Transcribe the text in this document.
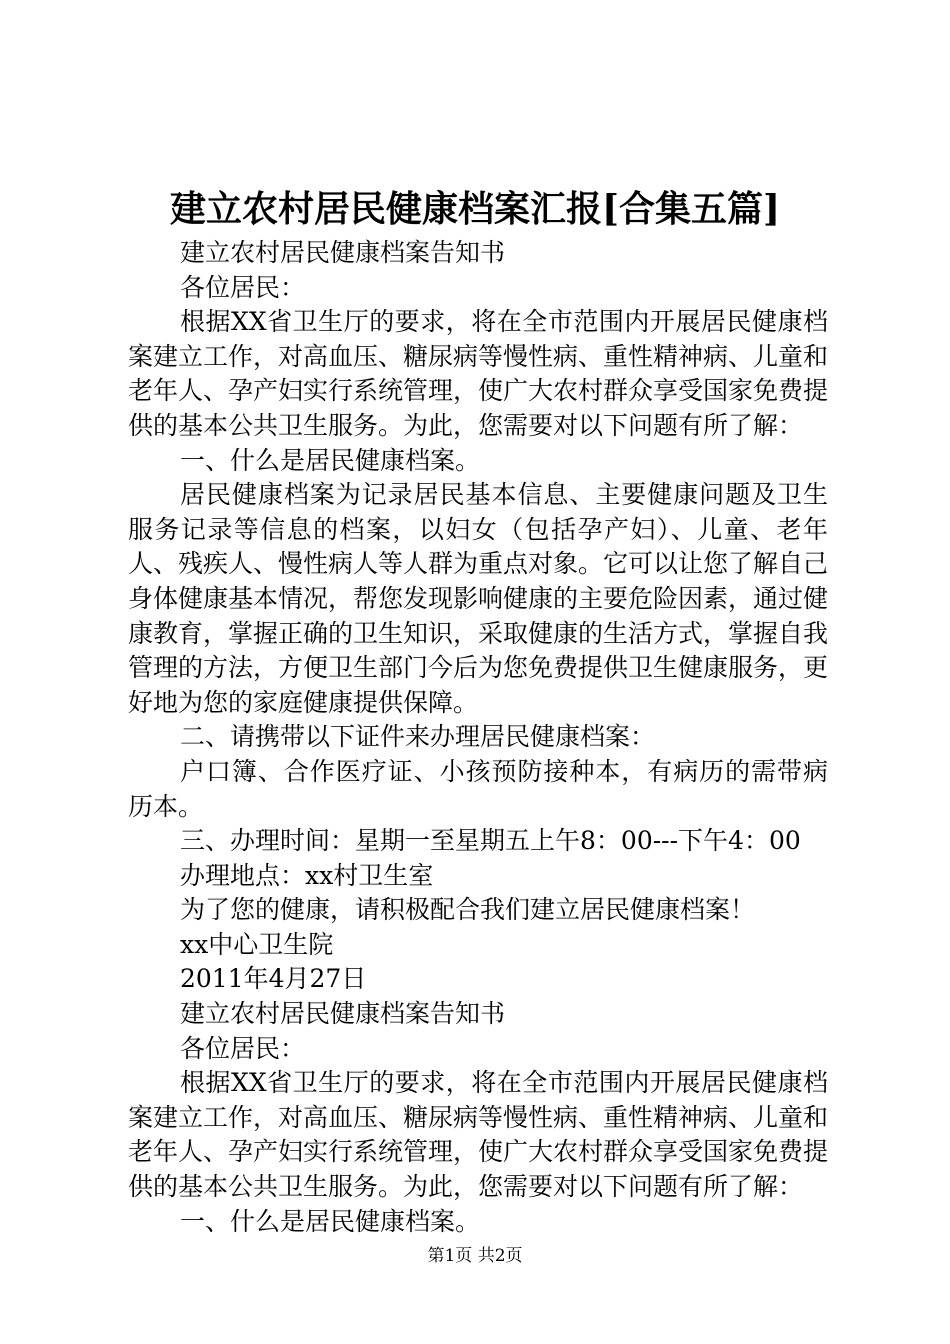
建立农村居民健康档案汇报[合集五篇]

建立农村居民健康档案告知书

各位居民：

根据XX省卫生厅的要求，将在全市范围内开展居民健康档案建立工作，对高血压、糖尿病等慢性病、重性精神病、儿童和老年人、孕产妇实行系统管理，使广大农村群众享受国家免费提供的基本公共卫生服务。为此，您需要对以下问题有所了解：

一、什么是居民健康档案。

居民健康档案为记录居民基本信息、主要健康问题及卫生服务记录等信息的档案，以妇女（包括孕产妇）、儿童、老年人、残疾人、慢性病人等人群为重点对象。它可以让您了解自己身体健康基本情况，帮您发现影响健康的主要危险因素，通过健康教育，掌握正确的卫生知识，采取健康的生活方式，掌握自我管理的方法，方便卫生部门今后为您免费提供卫生健康服务，更好地为您的家庭健康提供保障。

二、请携带以下证件来办理居民健康档案：

户口簿、合作医疗证、小孩预防接种本，有病历的需带病历本。

三、办理时间：星期一至星期五上午8：00---下午4：00

办理地点：xx村卫生室

为了您的健康，请积极配合我们建立居民健康档案！

xx中心卫生院

2011年4月27日

建立农村居民健康档案告知书

各位居民：

根据XX省卫生厅的要求，将在全市范围内开展居民健康档案建立工作，对高血压、糖尿病等慢性病、重性精神病、儿童和老年人、孕产妇实行系统管理，使广大农村群众享受国家免费提供的基本公共卫生服务。为此，您需要对以下问题有所了解：

一、什么是居民健康档案。

第1页 共2页
